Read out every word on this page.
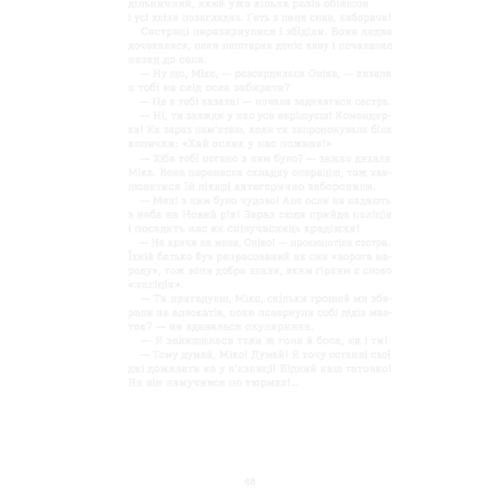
дільничний, який уже кілька разів обійшов
і усі хліви позаглядав. Геть з лиця спав, небораче!
Сестриці перезирнулися і збіділи. Вони ледве
дочекалися, поки поштарка допіє каву і почалапає
назад до села.
— Ну що, Міко, — розсердилася Оніка, — казала
я тобі не слід осла забирати?
— Це я тобі казала! — почала заднкатися сестра.
— Ні, ти завжди у нас усе вирішуєш! Командир-
ка! Як зараз пам'ятаю, коли ти запропонувала біля
копички: «Хай ослик у нас поживе!»
— Хіба тобі погано з ним було? — зажко дихала
Міка. Вона перенесла складну операцію, тож хви-
люватися їй лікарі категорично заборонили.
— Мені з ним було чудово! Але осли не падають
з неба на Новий рік! Зараз сюди прийде поліція
і посадить нас як співучасниць крадіжки!
— Не кричи на мене, Оніко! — прошепотіла сестра.
Їхній батько був репресований як син «ворога на-
роду», тож вони добре знали, яким гірким є слово
«поліція».
— Ти пригадуєш, Міко, скільки грошей ми збе-
рали на адвокатів, поки повернули собі дідів мае-
ток? — не вдавалася окулярника.
— Я залишилася така ж гола й боса, як і ти!
— Тому думай, Міко! Думай! Я хочу останні свої
дні доживати не у в'язниці! Бідний наш таточко!
Як він намучився по тюрмах!..
48
